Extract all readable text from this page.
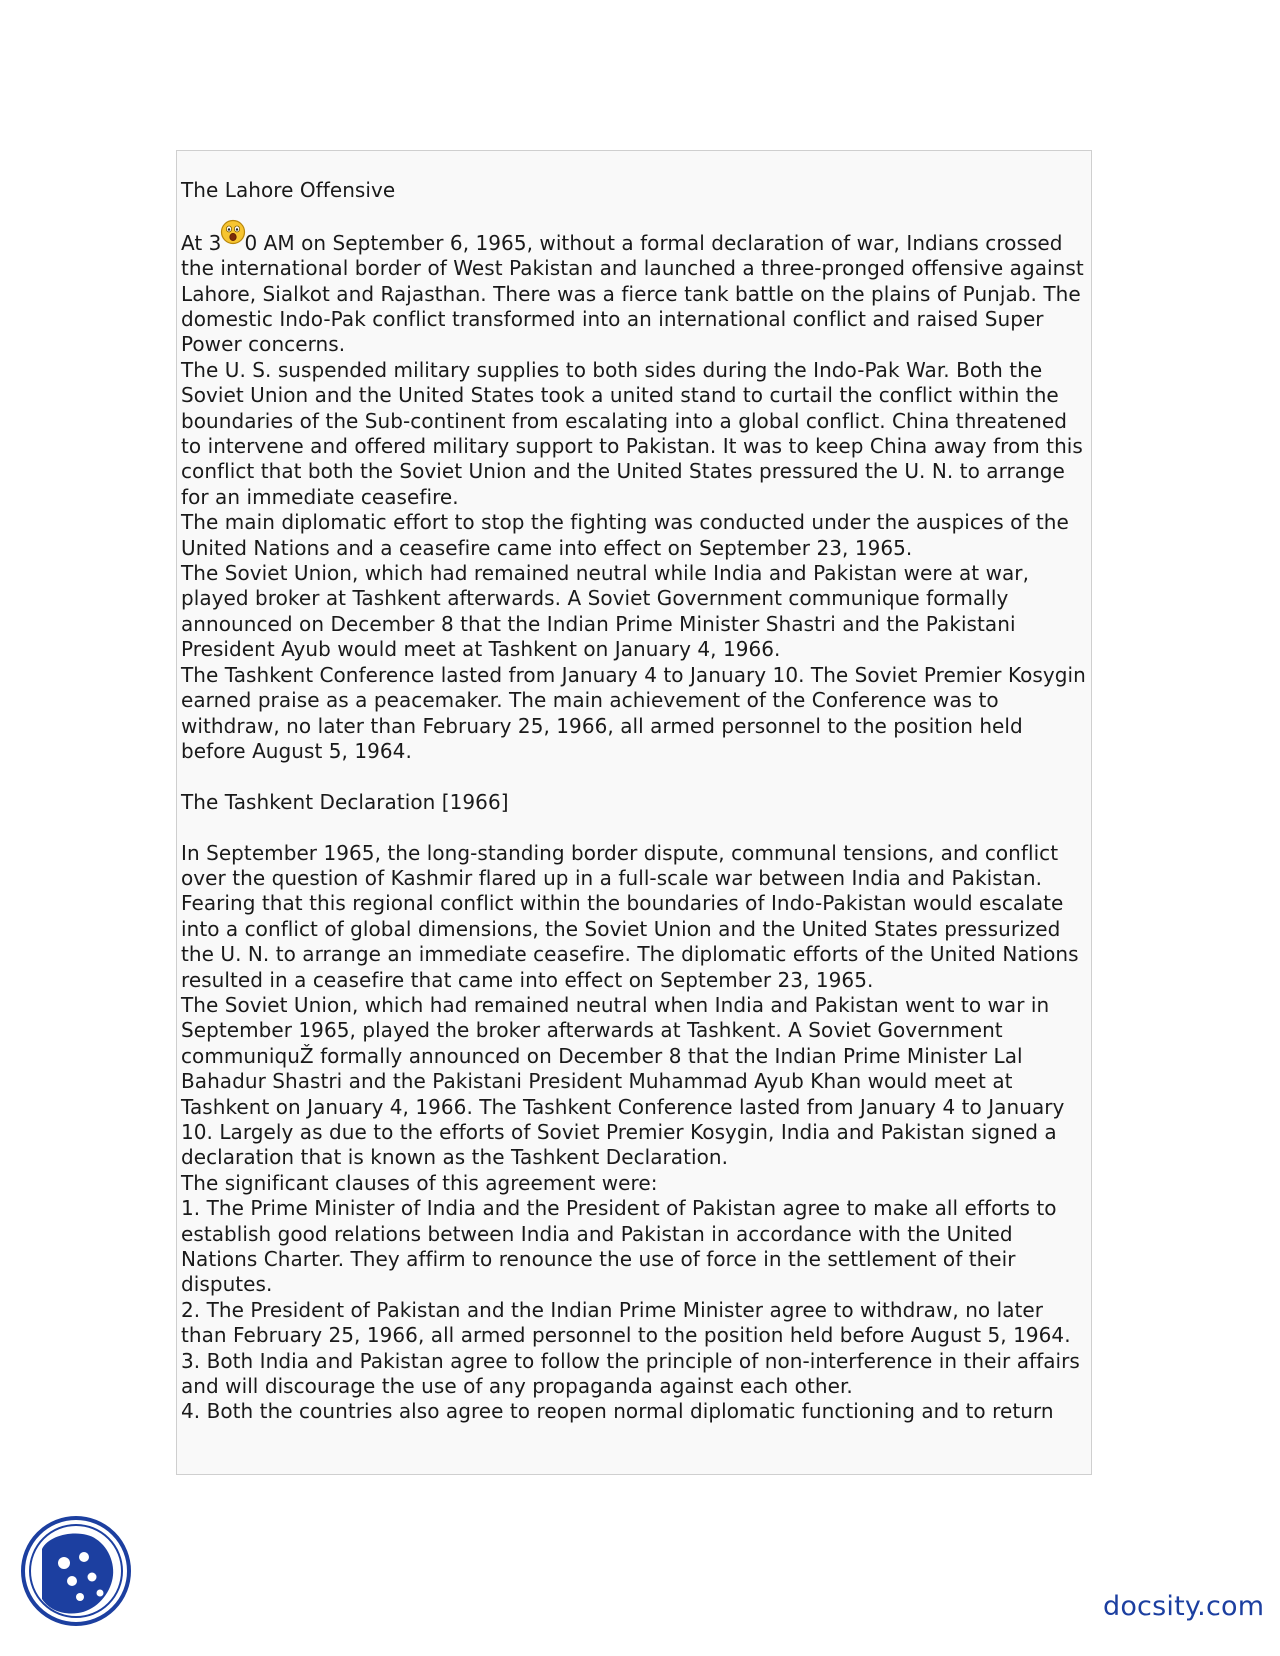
The Lahore Offensive

At 3 0 AM on September 6, 1965, without a formal declaration of war, Indians crossed the international border of West Pakistan and launched a three-pronged offensive against Lahore, Sialkot and Rajasthan. There was a fierce tank battle on the plains of Punjab. The domestic Indo-Pak conflict transformed into an international conflict and raised Super Power concerns.

The U. S. suspended military supplies to both sides during the Indo-Pak War. Both the Soviet Union and the United States took a united stand to curtail the conflict within the boundaries of the Sub-continent from escalating into a global conflict. China threatened to intervene and offered military support to Pakistan. It was to keep China away from this conflict that both the Soviet Union and the United States pressured the U. N. to arrange for an immediate ceasefire.

The main diplomatic effort to stop the fighting was conducted under the auspices of the United Nations and a ceasefire came into effect on September 23, 1965.

The Soviet Union, which had remained neutral while India and Pakistan were at war, played broker at Tashkent afterwards. A Soviet Government communique formally announced on December 8 that the Indian Prime Minister Shastri and the Pakistani President Ayub would meet at Tashkent on January 4, 1966.

The Tashkent Conference lasted from January 4 to January 10. The Soviet Premier Kosygin earned praise as a peacemaker. The main achievement of the Conference was to withdraw, no later than February 25, 1966, all armed personnel to the position held before August 5, 1964.

The Tashkent Declaration [1966]

In September 1965, the long-standing border dispute, communal tensions, and conflict over the question of Kashmir flared up in a full-scale war between India and Pakistan. Fearing that this regional conflict within the boundaries of Indo-Pakistan would escalate into a conflict of global dimensions, the Soviet Union and the United States pressurized the U. N. to arrange an immediate ceasefire. The diplomatic efforts of the United Nations resulted in a ceasefire that came into effect on September 23, 1965.

The Soviet Union, which had remained neutral when India and Pakistan went to war in September 1965, played the broker afterwards at Tashkent. A Soviet Government communiquŽ formally announced on December 8 that the Indian Prime Minister Lal Bahadur Shastri and the Pakistani President Muhammad Ayub Khan would meet at Tashkent on January 4, 1966. The Tashkent Conference lasted from January 4 to January 10. Largely as due to the efforts of Soviet Premier Kosygin, India and Pakistan signed a declaration that is known as the Tashkent Declaration.

The significant clauses of this agreement were:

1. The Prime Minister of India and the President of Pakistan agree to make all efforts to establish good relations between India and Pakistan in accordance with the United Nations Charter. They affirm to renounce the use of force in the settlement of their disputes.

2. The President of Pakistan and the Indian Prime Minister agree to withdraw, no later than February 25, 1966, all armed personnel to the position held before August 5, 1964.

3. Both India and Pakistan agree to follow the principle of non-interference in their affairs and will discourage the use of any propaganda against each other.

4. Both the countries also agree to reopen normal diplomatic functioning and to return

docsity.com
